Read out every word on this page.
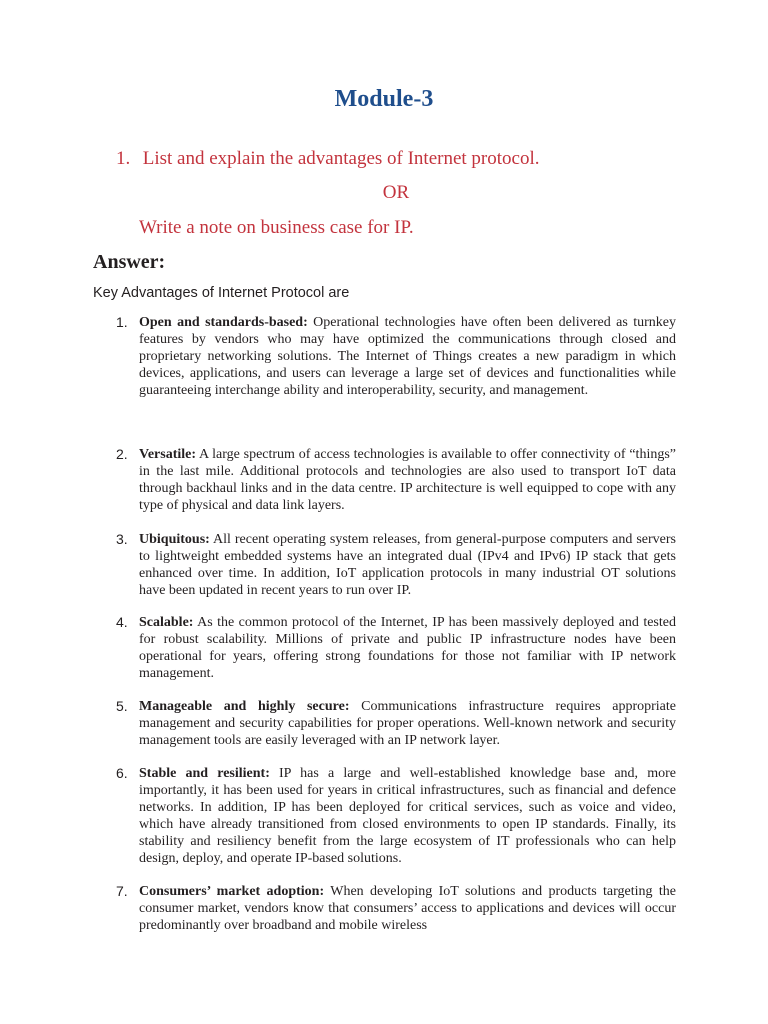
Module-3

1. List and explain the advantages of Internet protocol.

OR

Write a note on business case for IP.

Answer:

Key Advantages of Internet Protocol are

1. Open and standards-based: Operational technologies have often been delivered as turnkey features by vendors who may have optimized the communications through closed and proprietary networking solutions. The Internet of Things creates a new paradigm in which devices, applications, and users can leverage a large set of devices and functionalities while guaranteeing interchange ability and interoperability, security, and management.
2. Versatile: A large spectrum of access technologies is available to offer connectivity of “things” in the last mile. Additional protocols and technologies are also used to transport IoT data through backhaul links and in the data centre. IP architecture is well equipped to cope with any type of physical and data link layers.
3. Ubiquitous: All recent operating system releases, from general-purpose computers and servers to lightweight embedded systems have an integrated dual (IPv4 and IPv6) IP stack that gets enhanced over time. In addition, IoT application protocols in many industrial OT solutions have been updated in recent years to run over IP.
4. Scalable: As the common protocol of the Internet, IP has been massively deployed and tested for robust scalability. Millions of private and public IP infrastructure nodes have been operational for years, offering strong foundations for those not familiar with IP network management.
5. Manageable and highly secure: Communications infrastructure requires appropriate management and security capabilities for proper operations. Well-known network and security management tools are easily leveraged with an IP network layer.
6. Stable and resilient: IP has a large and well-established knowledge base and, more importantly, it has been used for years in critical infrastructures, such as financial and defence networks. In addition, IP has been deployed for critical services, such as voice and video, which have already transitioned from closed environments to open IP standards. Finally, its stability and resiliency benefit from the large ecosystem of IT professionals who can help design, deploy, and operate IP-based solutions.
7. Consumers’ market adoption: When developing IoT solutions and products targeting the consumer market, vendors know that consumers’ access to applications and devices will occur predominantly over broadband and mobile wireless
